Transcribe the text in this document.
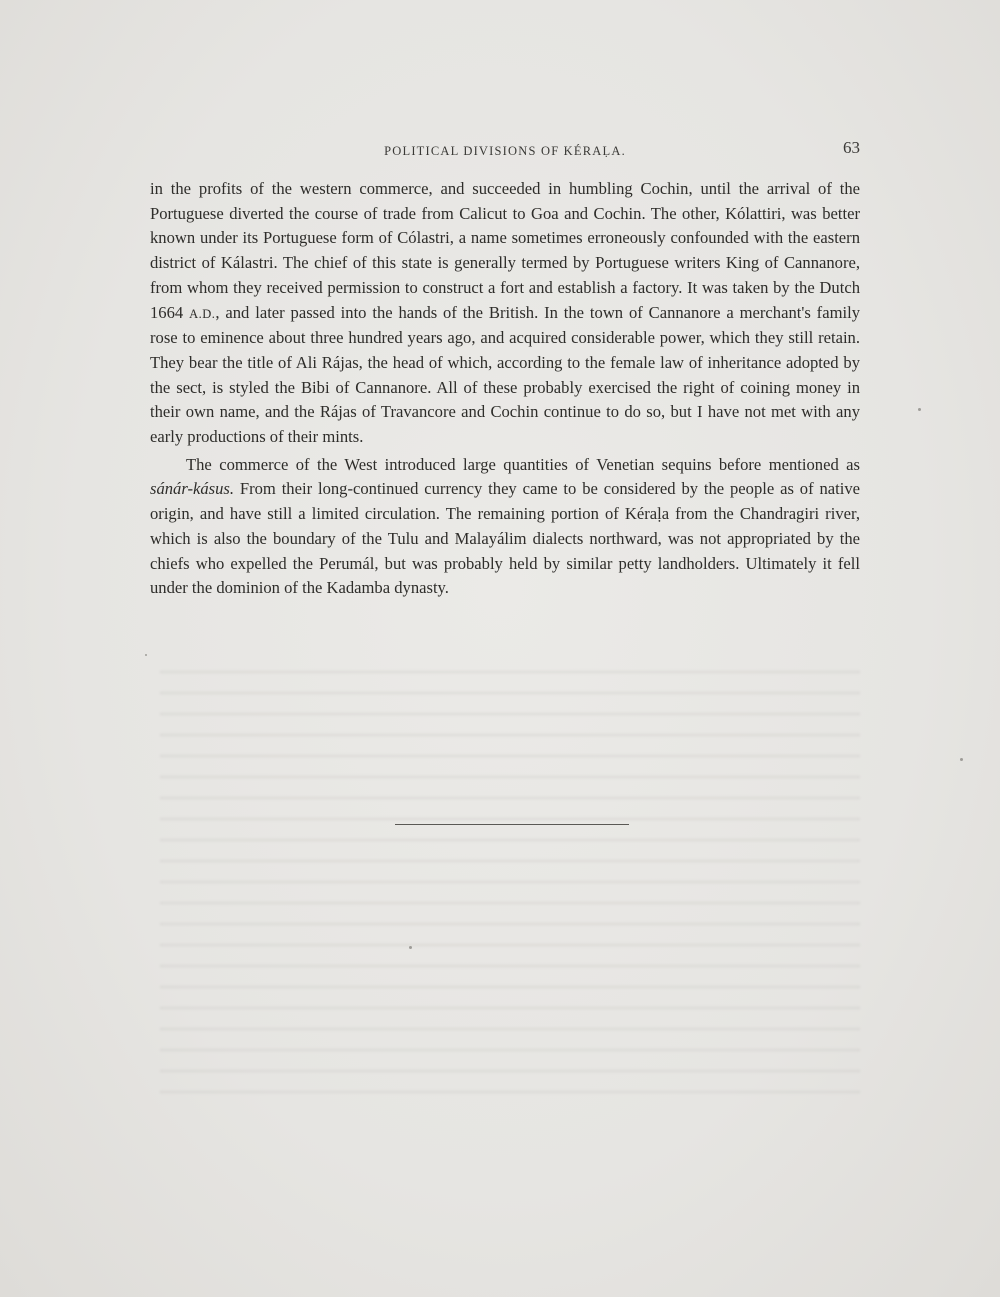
POLITICAL DIVISIONS OF KÉRAḶA.	63

in the profits of the western commerce, and succeeded in humbling Cochin, until the arrival of the Portuguese diverted the course of trade from Calicut to Goa and Cochin. The other, Kólattiri, was better known under its Portuguese form of Cólastri, a name sometimes erroneously confounded with the eastern district of Kálastri. The chief of this state is generally termed by Portuguese writers King of Cannanore, from whom they received permission to construct a fort and establish a factory. It was taken by the Dutch 1664 A.D., and later passed into the hands of the British. In the town of Cannanore a merchant's family rose to eminence about three hundred years ago, and acquired considerable power, which they still retain. They bear the title of Ali Rájas, the head of which, according to the female law of inheritance adopted by the sect, is styled the Bibi of Cannanore. All of these probably exercised the right of coining money in their own name, and the Rájas of Travancore and Cochin continue to do so, but I have not met with any early productions of their mints.

The commerce of the West introduced large quantities of Venetian sequins before mentioned as sánár-kásus. From their long-continued currency they came to be considered by the people as of native origin, and have still a limited circulation. The remaining portion of Kéraḷa from the Chandragiri river, which is also the boundary of the Tulu and Malayálim dialects northward, was not appropriated by the chiefs who expelled the Perumál, but was probably held by similar petty landholders. Ultimately it fell under the dominion of the Kadamba dynasty.
